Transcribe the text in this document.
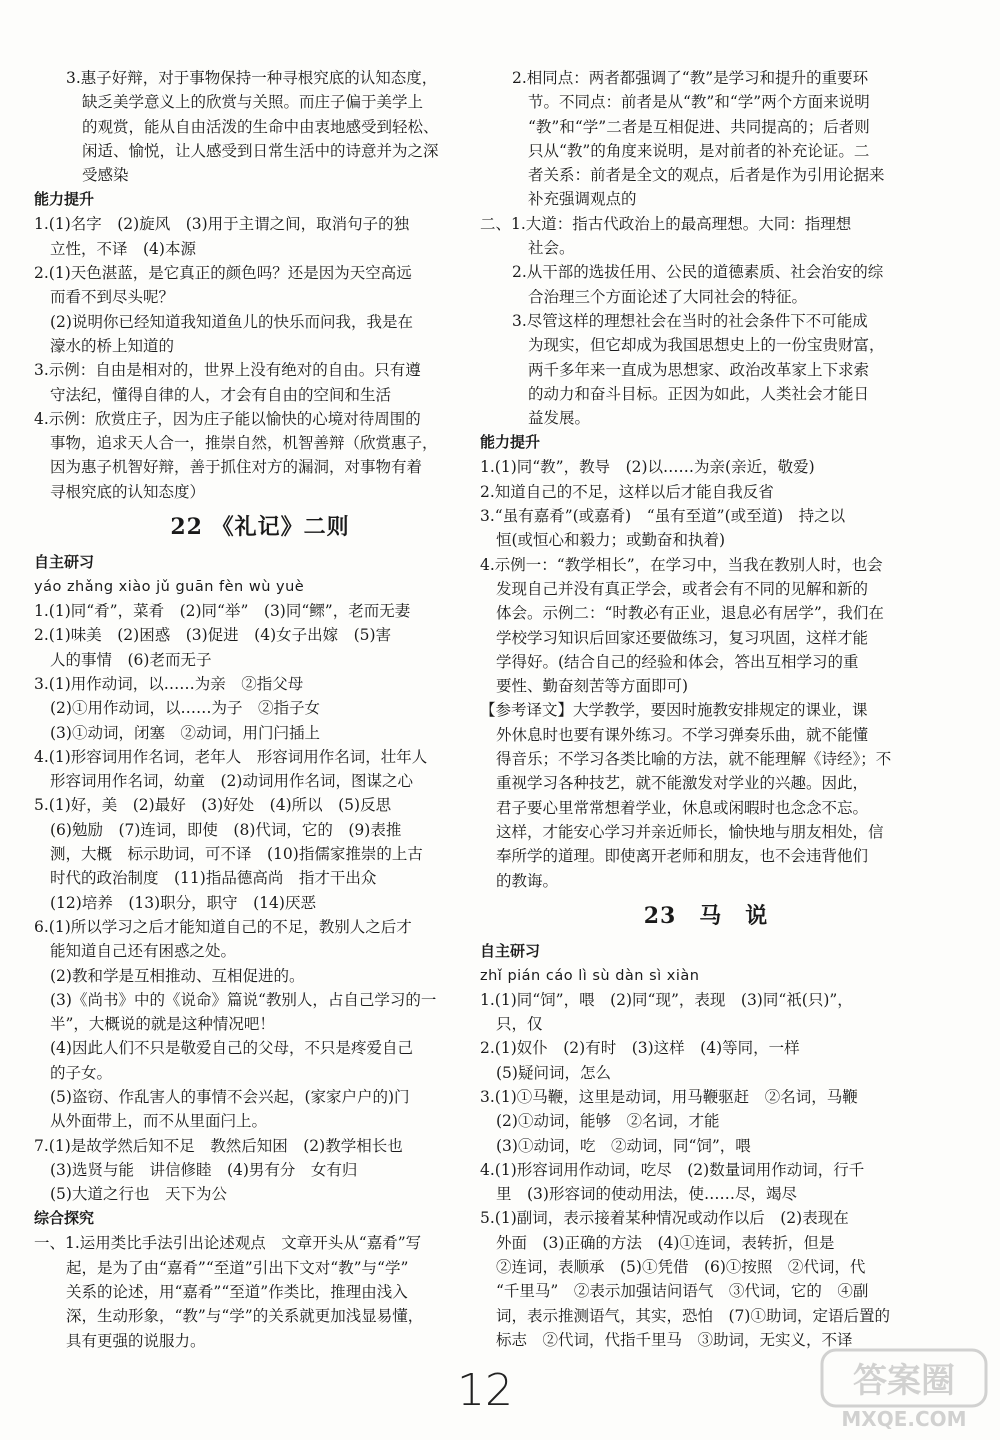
3.惠子好辩，对于事物保持一种寻根究底的认知态度，
缺乏美学意义上的欣赏与关照。而庄子偏于美学上
的观赏，能从自由活泼的生命中由衷地感受到轻松、
闲适、愉悦，让人感受到日常生活中的诗意并为之深
受感染
能力提升
1.(1)名字　(2)旋风　(3)用于主谓之间，取消句子的独
立性，不译　(4)本源
2.(1)天色湛蓝，是它真正的颜色吗？还是因为天空高远
而看不到尽头呢？
(2)说明你已经知道我知道鱼儿的快乐而问我，我是在
濠水的桥上知道的
3.示例：自由是相对的，世界上没有绝对的自由。只有遵
守法纪，懂得自律的人，才会有自由的空间和生活
4.示例：欣赏庄子，因为庄子能以愉快的心境对待周围的
事物，追求天人合一，推崇自然，机智善辩（欣赏惠子，
因为惠子机智好辩，善于抓住对方的漏洞，对事物有着
寻根究底的认知态度）
22 《礼记》二则
自主研习
yáo zhǎng xiào jǔ guān fèn wù yuè
1.(1)同“肴”，菜肴　(2)同“举”　(3)同“鳏”，老而无妻
2.(1)味美　(2)困惑　(3)促进　(4)女子出嫁　(5)害
人的事情　(6)老而无子
3.(1)用作动词，以……为亲　②指父母
(2)①用作动词，以……为子　②指子女
(3)①动词，闭塞　②动词，用门闩插上
4.(1)形容词用作名词，老年人　形容词用作名词，壮年人
形容词用作名词，幼童　(2)动词用作名词，图谋之心
5.(1)好，美　(2)最好　(3)好处　(4)所以　(5)反思
(6)勉励　(7)连词，即使　(8)代词，它的　(9)表推
测，大概　标示助词，可不译　(10)指儒家推崇的上古
时代的政治制度　(11)指品德高尚　指才干出众
(12)培养　(13)职分，职守　(14)厌恶
6.(1)所以学习之后才能知道自己的不足，教别人之后才
能知道自己还有困惑之处。
(2)教和学是互相推动、互相促进的。
(3)《尚书》中的《说命》篇说“教别人，占自己学习的一
半”，大概说的就是这种情况吧！
(4)因此人们不只是敬爱自己的父母，不只是疼爱自己
的子女。
(5)盗窃、作乱害人的事情不会兴起，(家家户户的)门
从外面带上，而不从里面闩上。
7.(1)是故学然后知不足　教然后知困　(2)教学相长也
(3)选贤与能　讲信修睦　(4)男有分　女有归
(5)大道之行也　天下为公
综合探究
一、1.运用类比手法引出论述观点　文章开头从“嘉肴”写
起，是为了由“嘉肴”“至道”引出下文对“教”与“学”
关系的论述，用“嘉肴”“至道”作类比，推理由浅入
深，生动形象，“教”与“学”的关系就更加浅显易懂，
具有更强的说服力。
2.相同点：两者都强调了“教”是学习和提升的重要环
节。不同点：前者是从“教”和“学”两个方面来说明
“教”和“学”二者是互相促进、共同提高的；后者则
只从“教”的角度来说明，是对前者的补充论证。二
者关系：前者是全文的观点，后者是作为引用论据来
补充强调观点的
二、1.大道：指古代政治上的最高理想。大同：指理想
社会。
2.从干部的选拔任用、公民的道德素质、社会治安的综
合治理三个方面论述了大同社会的特征。
3.尽管这样的理想社会在当时的社会条件下不可能成
为现实，但它却成为我国思想史上的一份宝贵财富，
两千多年来一直成为思想家、政治改革家上下求索
的动力和奋斗目标。正因为如此，人类社会才能日
益发展。
能力提升
1.(1)同“教”，教导　(2)以……为亲(亲近，敬爱)
2.知道自己的不足，这样以后才能自我反省
3.“虽有嘉肴”(或嘉肴)　“虽有至道”(或至道)　持之以
恒(或恒心和毅力；或勤奋和执着)
4.示例一：“教学相长”，在学习中，当我在教别人时，也会
发现自己并没有真正学会，或者会有不同的见解和新的
体会。示例二：“时教必有正业，退息必有居学”，我们在
学校学习知识后回家还要做练习，复习巩固，这样才能
学得好。(结合自己的经验和体会，答出互相学习的重
要性、勤奋刻苦等方面即可)
【参考译文】大学教学，要因时施教安排规定的课业，课
外休息时也要有课外练习。不学习弹奏乐曲，就不能懂
得音乐；不学习各类比喻的方法，就不能理解《诗经》；不
重视学习各种技艺，就不能激发对学业的兴趣。因此，
君子要心里常常想着学业，休息或闲暇时也念念不忘。
这样，才能安心学习并亲近师长，愉快地与朋友相处，信
奉所学的道理。即使离开老师和朋友，也不会违背他们
的教诲。
23　马　说
自主研习
zhǐ pián cáo lì sù dàn sì xiàn
1.(1)同“饲”，喂　(2)同“现”，表现　(3)同“祇(只)”，
只，仅
2.(1)奴仆　(2)有时　(3)这样　(4)等同，一样
(5)疑问词，怎么
3.(1)①马鞭，这里是动词，用马鞭驱赶　②名词，马鞭
(2)①动词，能够　②名词，才能
(3)①动词，吃　②动词，同“饲”，喂
4.(1)形容词用作动词，吃尽　(2)数量词用作动词，行千
里　(3)形容词的使动用法，使……尽，竭尽
5.(1)副词，表示接着某种情况或动作以后　(2)表现在
外面　(3)正确的方法　(4)①连词，表转折，但是
②连词，表顺承　(5)①凭借　(6)①按照　②代词，代
“千里马”　②表示加强诘问语气　③代词，它的　④副
词，表示推测语气，其实，恐怕　(7)①助词，定语后置的
标志　②代词，代指千里马　③助词，无实义，不译
12	答案圈
MXQE.COM
